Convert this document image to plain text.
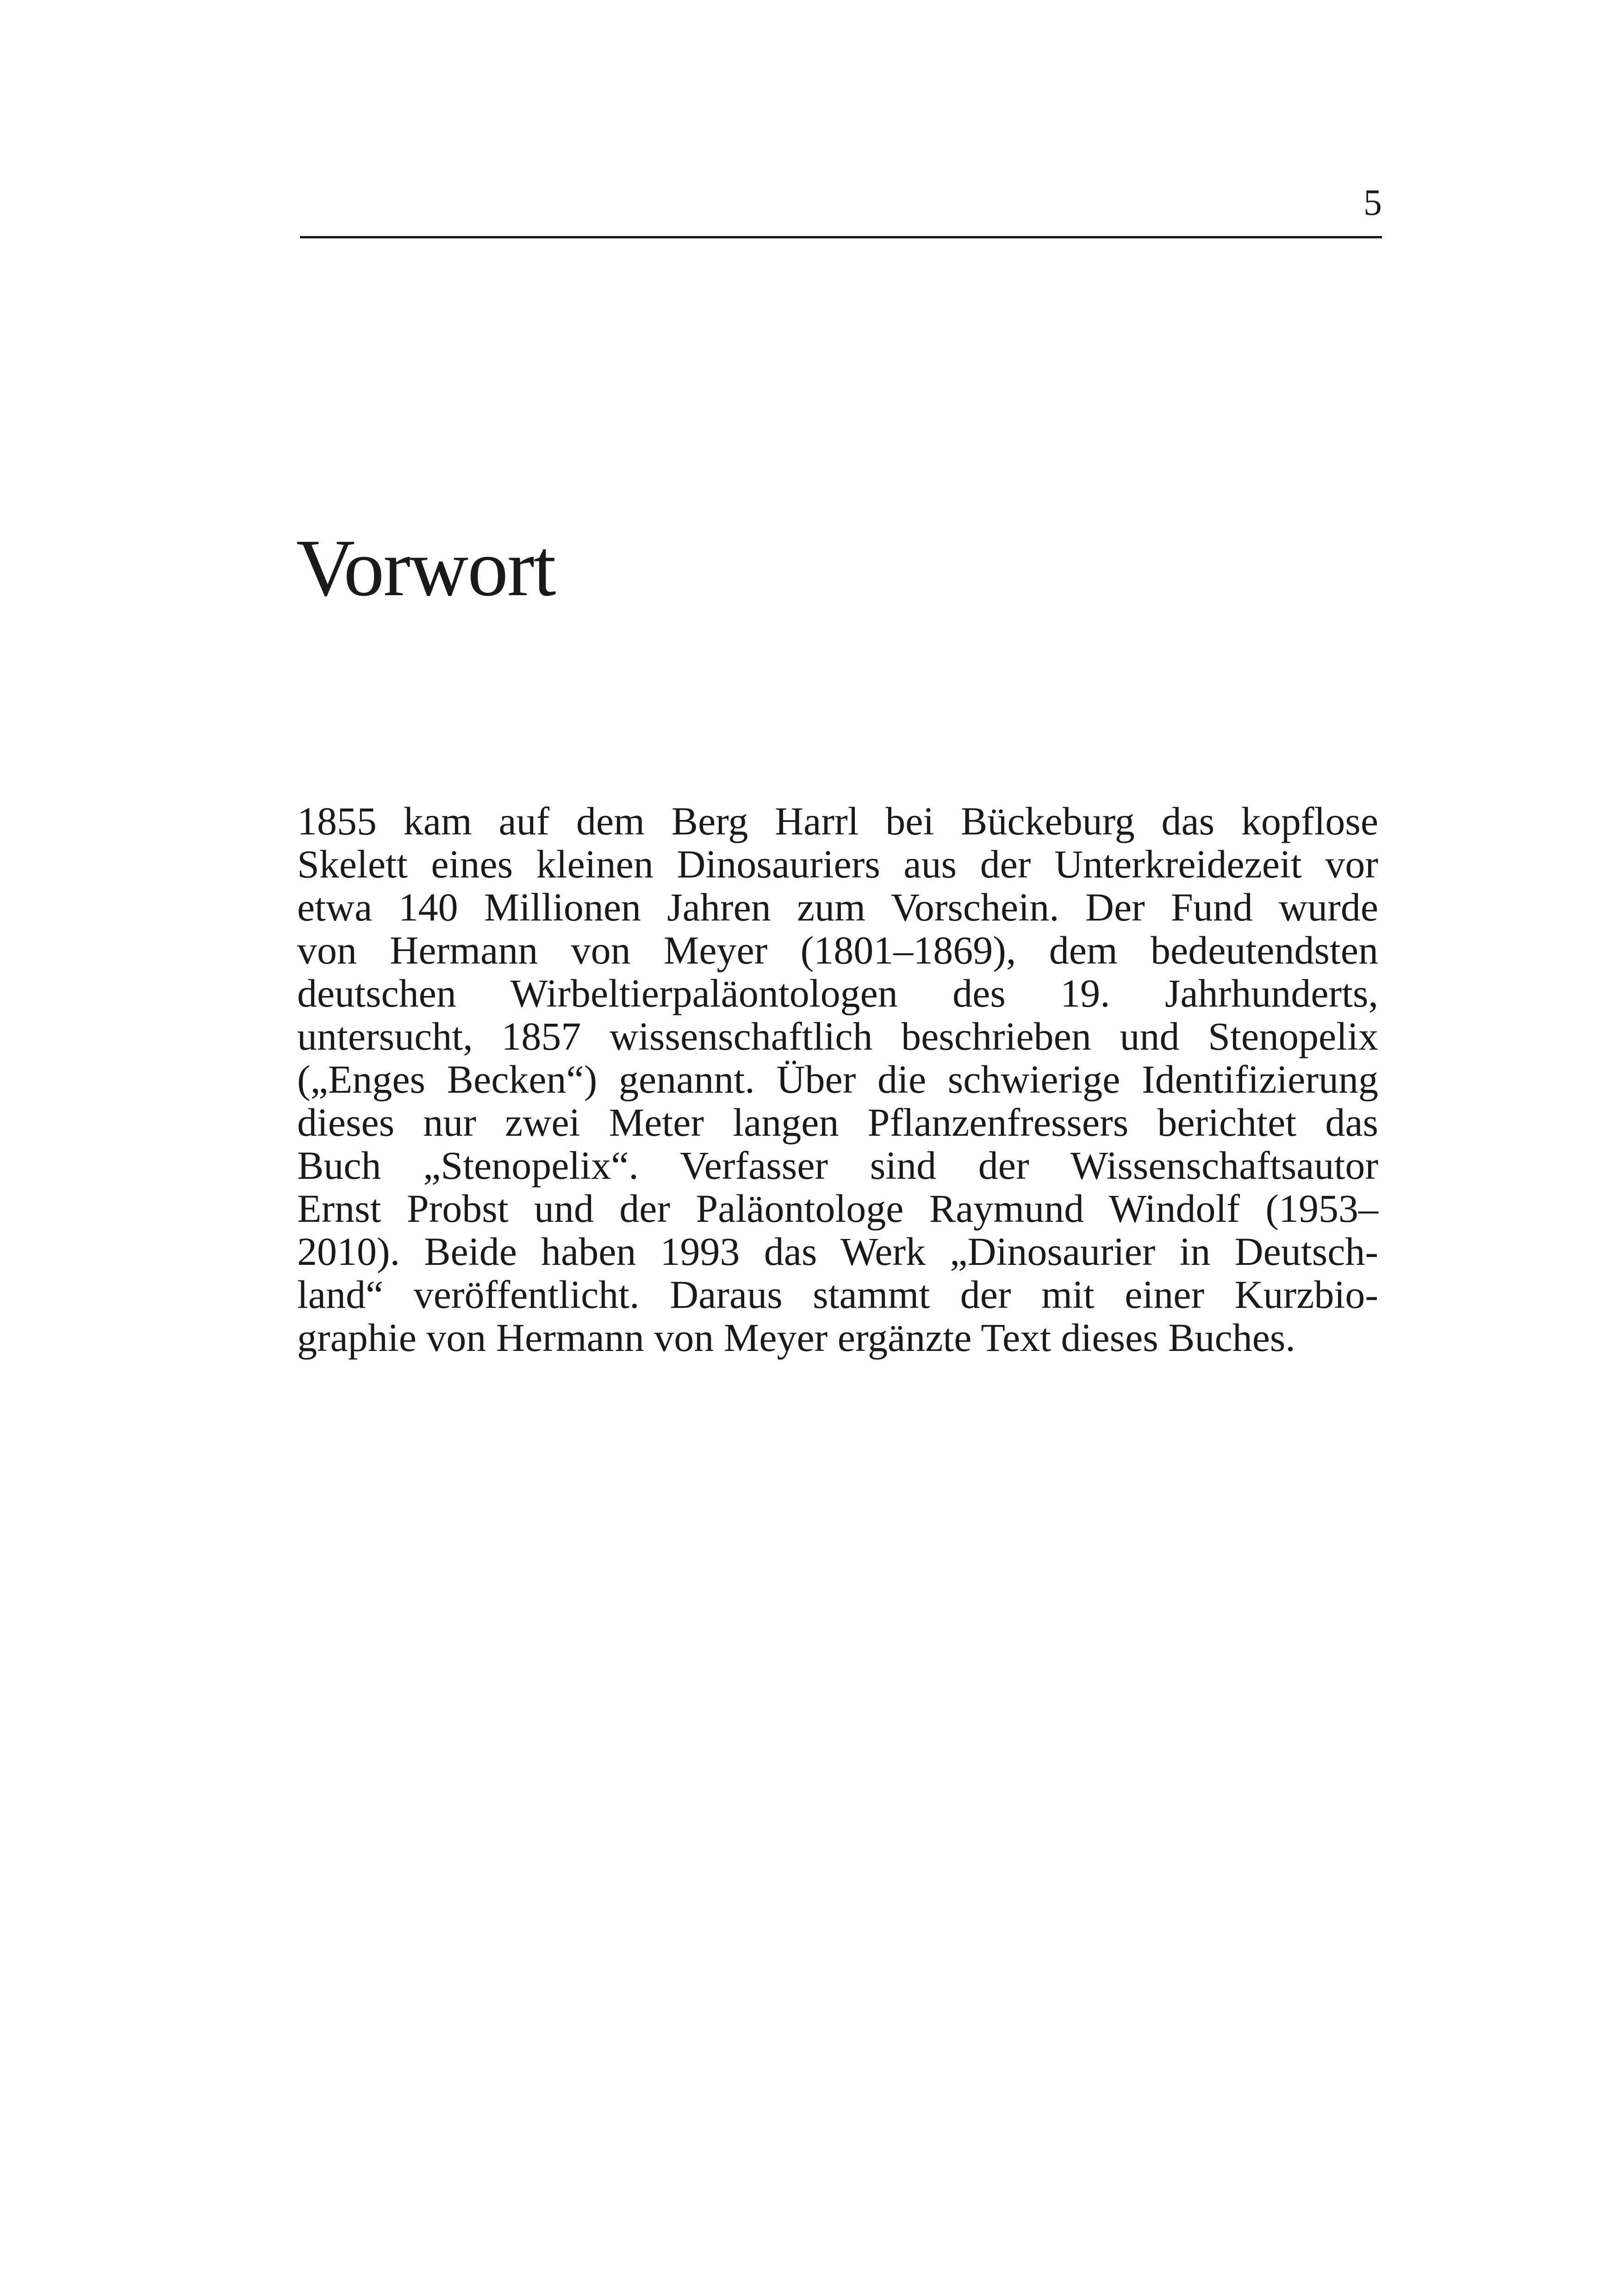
5
Vorwort
1855 kam auf dem Berg Harrl bei Bückeburg das kopflose
Skelett eines kleinen Dinosauriers aus der Unterkreidezeit vor
etwa 140 Millionen Jahren zum Vorschein. Der Fund wurde
von Hermann von Meyer (1801–1869), dem bedeutendsten
deutschen Wirbeltierpaläontologen des 19. Jahrhunderts,
untersucht, 1857 wissenschaftlich beschrieben und Stenopelix
(„Enges Becken“) genannt. Über die schwierige Identifizierung
dieses nur zwei Meter langen Pflanzenfressers berichtet das
Buch „Stenopelix“. Verfasser sind der Wissenschaftsautor
Ernst Probst und der Paläontologe Raymund Windolf (1953–
2010). Beide haben 1993 das Werk „Dinosaurier in Deutsch-
land“ veröffentlicht. Daraus stammt der mit einer Kurzbio-
graphie von Hermann von Meyer ergänzte Text dieses Buches.
